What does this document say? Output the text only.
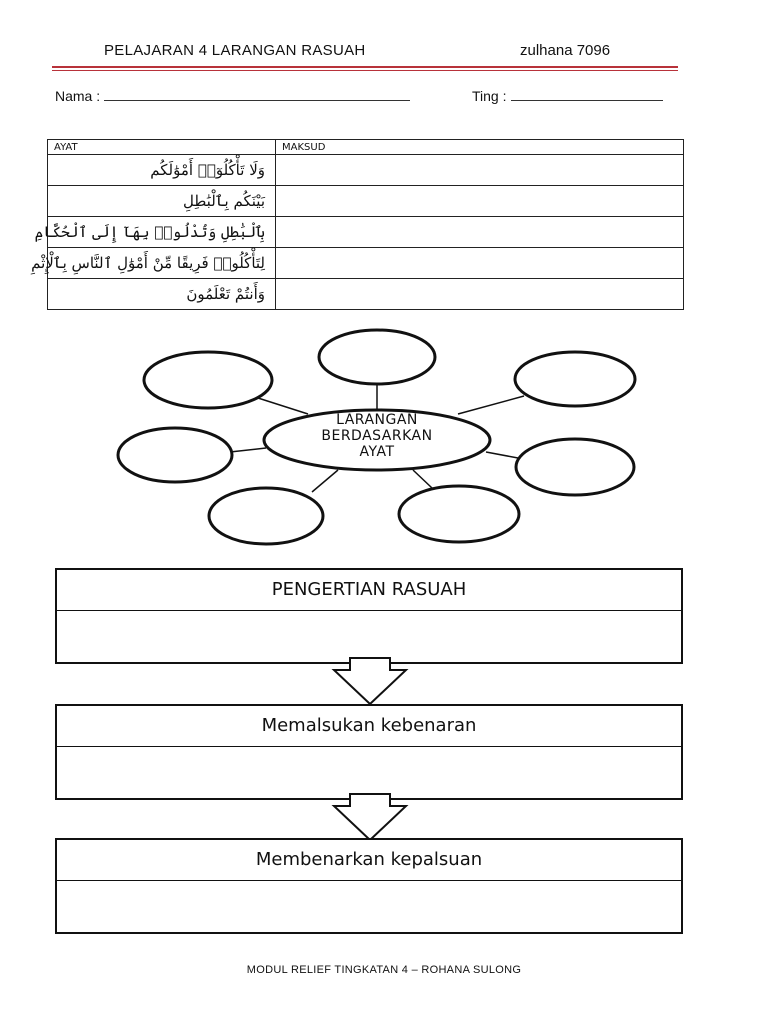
PELAJARAN 4 LARANGAN RASUAH	zulhana 7096
Nama :	Ting :
AYAT	MAKSUD
وَلَا تَأْكُلُوٓا۟ أَمْوَٰلَكُم	
بَيْنَكُم بِٱلْبَٰطِلِ	
بِٱلْبَٰطِلِ وَتُدْلُوا۟ بِهَآ إِلَى ٱلْحُكَّامِ	
لِتَأْكُلُوا۟ فَرِيقًا مِّنْ أَمْوَٰلِ ٱلنَّاسِ بِٱلْإِثْمِ	
وَأَنتُمْ تَعْلَمُونَ	
LARANGAN
BERDASARKAN
AYAT
PENGERTIAN RASUAH
Memalsukan kebenaran
Membenarkan kepalsuan
MODUL RELIEF TINGKATAN 4 – ROHANA SULONG
